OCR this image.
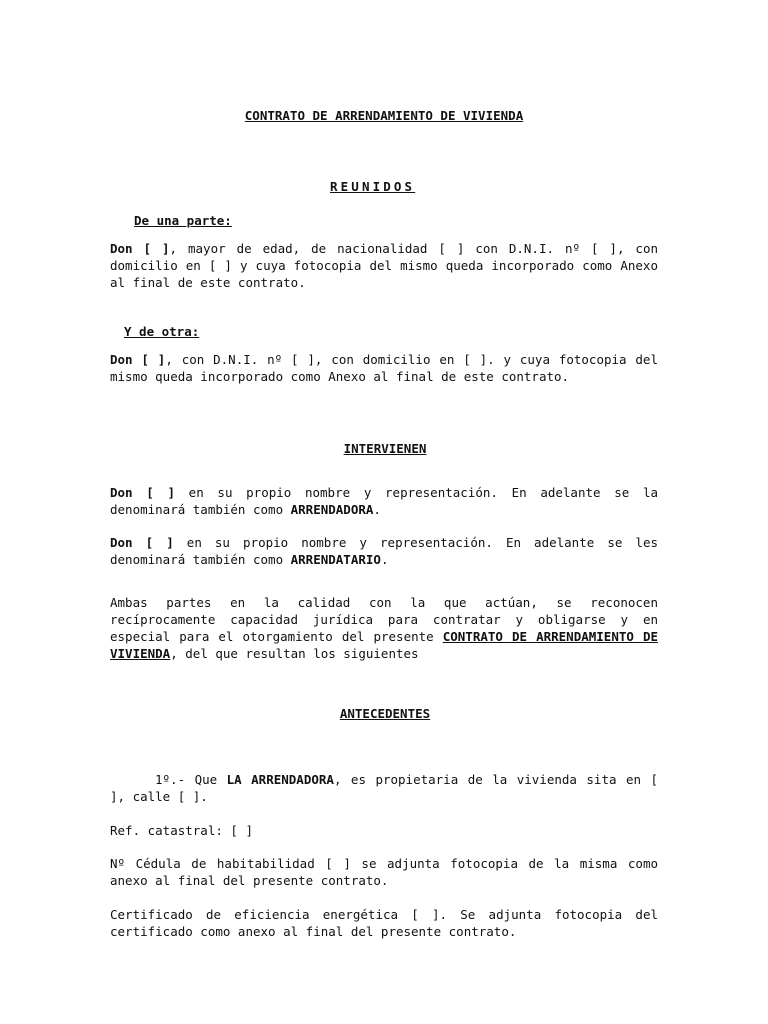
CONTRATO DE ARRENDAMIENTO DE VIVIENDA

REUNIDOS

De una parte:

Don [ ], mayor de edad, de nacionalidad [ ] con D.N.I. nº [ ], con domicilio en [ ] y cuya fotocopia del mismo queda incorporado como Anexo al final de este contrato.

Y de otra:

Don [ ], con D.N.I. nº [ ], con domicilio en [ ]. y cuya fotocopia del mismo queda incorporado como Anexo al final de este contrato.

INTERVIENEN

Don [ ] en su propio nombre y representación. En adelante se la denominará también como ARRENDADORA.

Don [ ] en su propio nombre y representación. En adelante se les denominará también como ARRENDATARIO.

Ambas partes en la calidad con la que actúan, se reconocen recíprocamente capacidad jurídica para contratar y obligarse y en especial para el otorgamiento del presente CONTRATO DE ARRENDAMIENTO DE VIVIENDA, del que resultan los siguientes

ANTECEDENTES

1º.- Que LA ARRENDADORA, es propietaria de la vivienda sita en [ ], calle [ ].

Ref. catastral: [ ]

Nº Cédula de habitabilidad [ ] se adjunta fotocopia de la misma como anexo al final del presente contrato.

Certificado de eficiencia energética [ ]. Se adjunta fotocopia del certificado como anexo al final del presente contrato.
